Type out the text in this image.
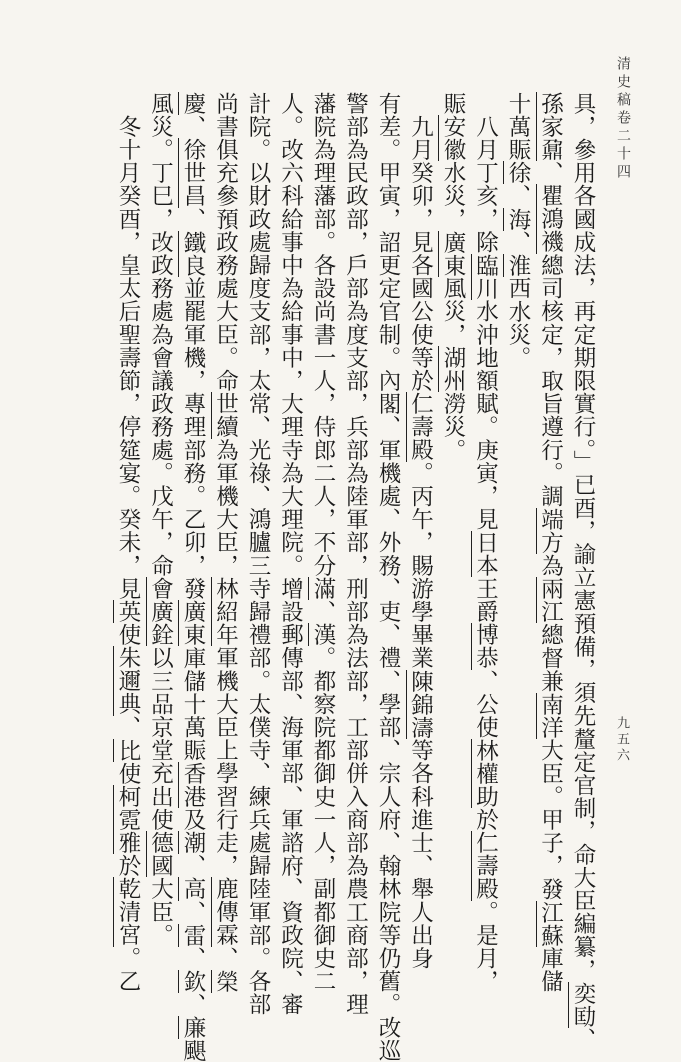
清史稿卷二十四
九五六

具，參用各國成法，再定期限實行。」已酉，諭立憲預備，須先釐定官制，命大臣編纂，奕劻、

孫家鼐、瞿鴻禨總司核定，取旨遵行。調端方為兩江總督兼南洋大臣。甲子，發江蘇庫儲

十萬賑徐、海、淮西水災。

　八月丁亥，除臨川水沖地額賦。庚寅，見日本王爵博恭、公使林權助於仁壽殿。是月，

賑安徽水災，廣東風災，湖州澇災。

　九月癸卯，見各國公使等於仁壽殿。丙午，賜游學畢業陳錦濤等各科進士、舉人出身

有差。甲寅，詔更定官制。內閣、軍機處、外務、吏、禮、學部、宗人府、翰林院等仍舊。改巡

警部為民政部，戶部為度支部，兵部為陸軍部，刑部為法部，工部併入商部為農工商部，理

藩院為理藩部。各設尚書一人，侍郎二人，不分滿、漢。都察院都御史一人，副都御史二

人。改六科給事中為給事中，大理寺為大理院。增設郵傳部、海軍部、軍諮府、資政院、審

計院。以財政處歸度支部，太常、光祿、鴻臚三寺歸禮部。太僕寺、練兵處歸陸軍部。各部

尚書俱充參預政務處大臣。命世續為軍機大臣，林紹年軍機大臣上學習行走，鹿傳霖、榮

慶、徐世昌、鐵良並罷軍機，專理部務。乙卯，發廣東庫儲十萬賑香港及潮、高、雷、欽、廉颶

風災。丁巳，改政務處為會議政務處。戊午，命會廣銓以三品京堂充出使德國大臣。

　冬十月癸酉，皇太后聖壽節，停筵宴。癸未，見英使朱邇典、比使柯霓雅於乾清宮。乙
